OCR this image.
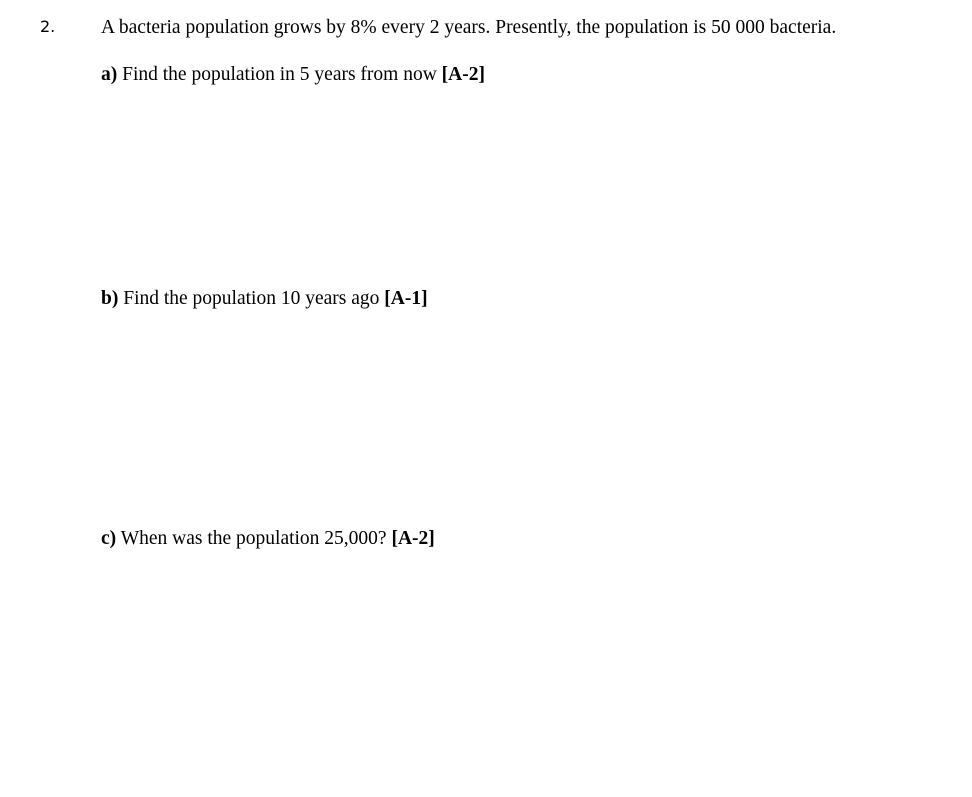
2. A bacteria population grows by 8% every 2 years. Presently, the population is 50 000 bacteria.
a) Find the population in 5 years from now [A-2]
b) Find the population 10 years ago [A-1]
c) When was the population 25,000? [A-2]
